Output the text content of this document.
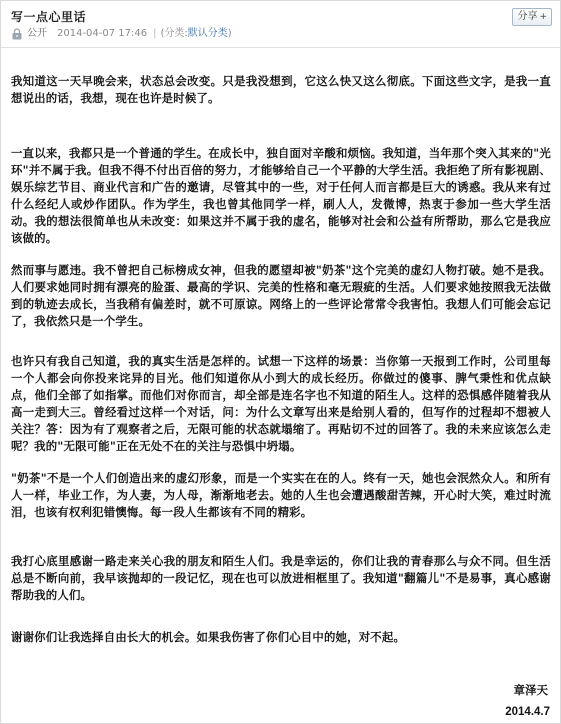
写一点心里话	分享 +
公开 2014-04-07 17:46 | (分类: 默认分类 )

我知道这一天早晚会来，状态总会改变。只是我没想到，它这么快又这么彻底。下面这些文字，是我一直想说出的话，我想，现在也许是时候了。

一直以来，我都只是一个普通的学生。在成长中，独自面对辛酸和烦恼。我知道，当年那个突入其来的"光环"并不属于我。但我不得不付出百倍的努力，才能够给自己一个平静的大学生活。我拒绝了所有影视剧、娱乐综艺节目、商业代言和广告的邀请，尽管其中的一些，对于任何人而言都是巨大的诱惑。我从来有过什么经纪人或炒作团队。作为学生，我也曾其他同学一样，刷人人，发微博，热衷于参加一些大学生活动。我的想法很简单也从未改变：如果这并不属于我的虚名，能够对社会和公益有所帮助，那么它是我应该做的。

然而事与愿违。我不曾把自己标榜成女神，但我的愿望却被"奶茶"这个完美的虚幻人物打破。她不是我。人们要求她同时拥有漂亮的脸蛋、最高的学识、完美的性格和毫无瑕疵的生活。人们要求她按照我无法做到的轨迹去成长，当我稍有偏差时，就不可原谅。网络上的一些评论常常令我害怕。我想人们可能会忘记了，我依然只是一个学生。

也许只有我自己知道，我的真实生活是怎样的。试想一下这样的场景：当你第一天报到工作时，公司里每一个人都会向你投来诧异的目光。他们知道你从小到大的成长经历。你做过的傻事、脾气秉性和优点缺点，他们全部了如指掌。而他们对你而言，却全部是连名字也不知道的陌生人。这样的恐惧感伴随着我从高一走到大三。曾经看过这样一个对话，问：为什么文章写出来是给别人看的，但写作的过程却不想被人关注？答：因为有了观察者之后，无限可能的状态就塌缩了。再贴切不过的回答了。我的未来应该怎么走呢？我的"无限可能"正在无处不在的关注与恐惧中坍塌。

"奶茶"不是一个人们创造出来的虚幻形象，而是一个实实在在的人。终有一天，她也会泯然众人。和所有人一样，毕业工作，为人妻，为人母，渐渐地老去。她的人生也会遭遇酸甜苦辣，开心时大笑，难过时流泪，也该有权利犯错懊悔。每一段人生都该有不同的精彩。

我打心底里感谢一路走来关心我的朋友和陌生人们。我是幸运的，你们让我的青春那么与众不同。但生活总是不断向前，我早该抛却的一段记忆，现在也可以放进相框里了。我知道"翻篇儿"不是易事，真心感谢帮助我的人们。

谢谢你们让我选择自由长大的机会。如果我伤害了你们心目中的她，对不起。

章泽天
2014.4.7
